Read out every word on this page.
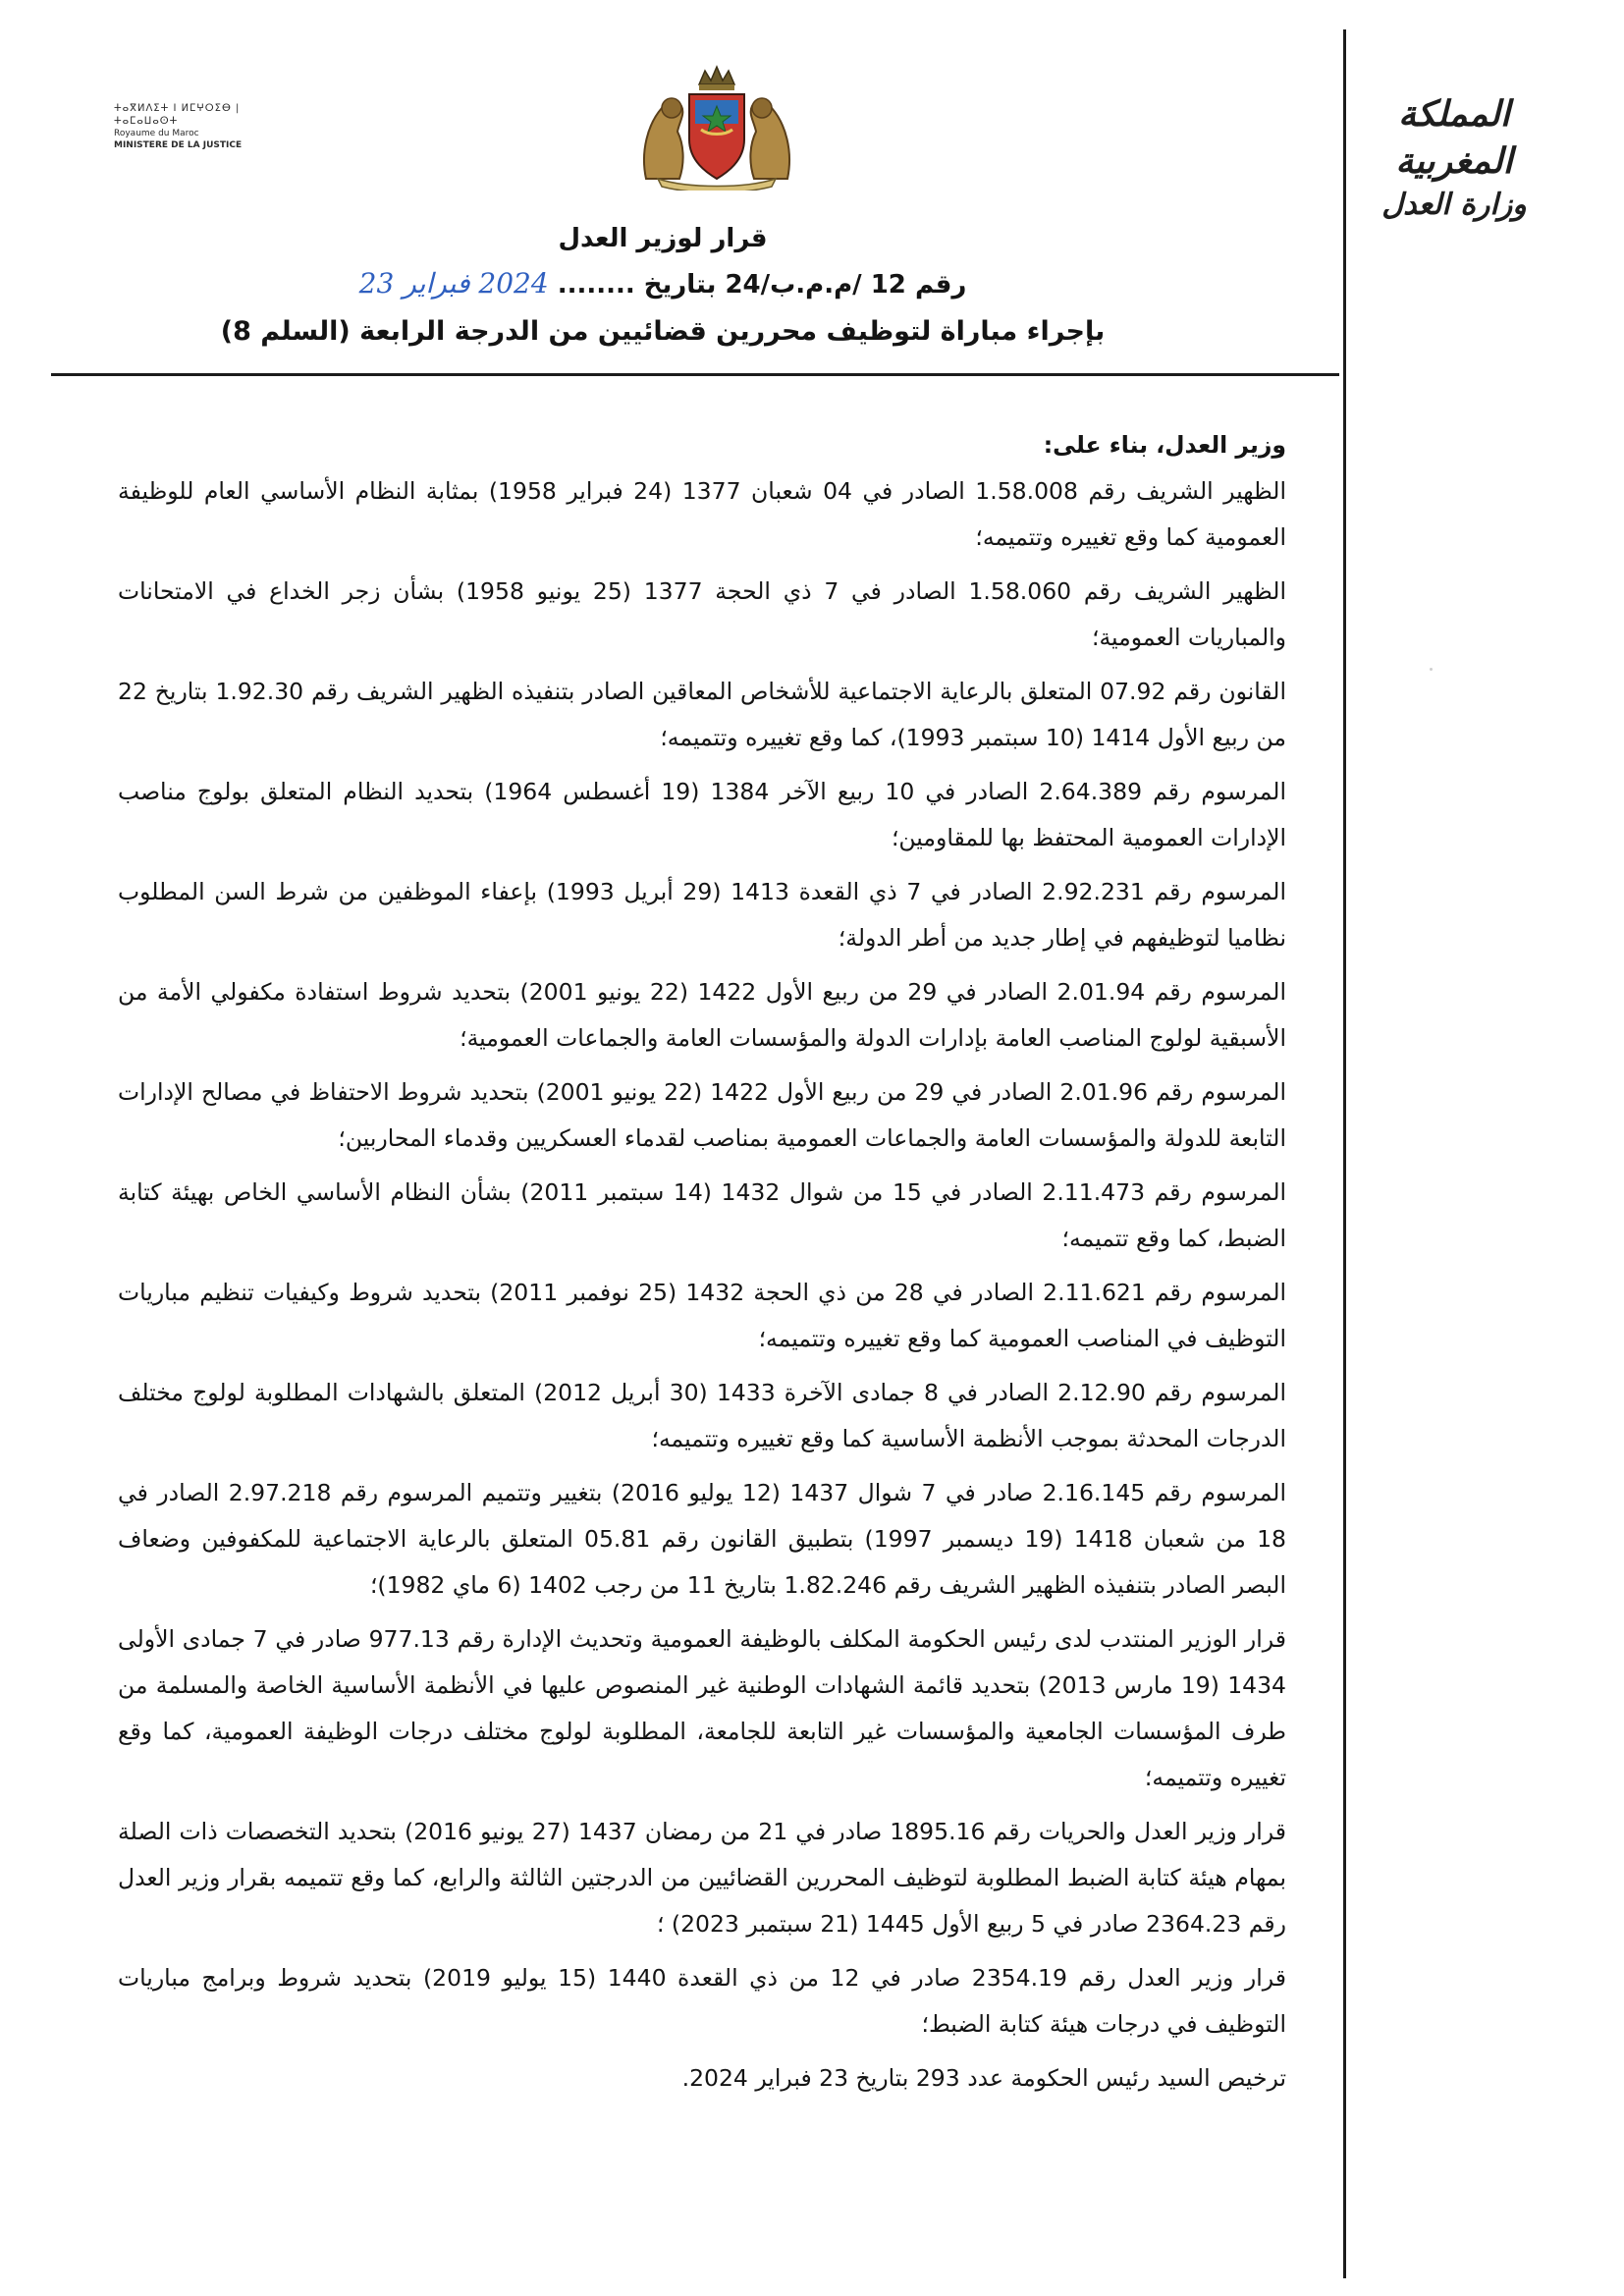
المملكة المغربية
وزارة العدل
ⵜⴰⴳⵍⴷⵉⵜ ⵏ ⵍⵎⵖⵔⵉⴱ | ⵜⴰⵎⴰⵡⴰⵙⵜ
Royaume du Maroc
MINISTERE DE LA JUSTICE
قرار لوزير العدل
رقم 12 /م.م.ب/24 بتاريخ ........ 2024 فبراير 23
بإجراء مباراة لتوظيف محررين قضائيين من الدرجة الرابعة (السلم 8)

وزير العدل، بناء على:

الظهير الشريف رقم 1.58.008 الصادر في 04 شعبان 1377 (24 فبراير 1958) بمثابة النظام الأساسي العام للوظيفة العمومية كما وقع تغييره وتتميمه؛

الظهير الشريف رقم 1.58.060 الصادر في 7 ذي الحجة 1377 (25 يونيو 1958) بشأن زجر الخداع في الامتحانات والمباريات العمومية؛

القانون رقم 07.92 المتعلق بالرعاية الاجتماعية للأشخاص المعاقين الصادر بتنفيذه الظهير الشريف رقم 1.92.30 بتاريخ 22 من ربيع الأول 1414 (10 سبتمبر 1993)، كما وقع تغييره وتتميمه؛

المرسوم رقم 2.64.389 الصادر في 10 ربيع الآخر 1384 (19 أغسطس 1964) بتحديد النظام المتعلق بولوج مناصب الإدارات العمومية المحتفظ بها للمقاومين؛

المرسوم رقم 2.92.231 الصادر في 7 ذي القعدة 1413 (29 أبريل 1993) بإعفاء الموظفين من شرط السن المطلوب نظاميا لتوظيفهم في إطار جديد من أطر الدولة؛

المرسوم رقم 2.01.94 الصادر في 29 من ربيع الأول 1422 (22 يونيو 2001) بتحديد شروط استفادة مكفولي الأمة من الأسبقية لولوج المناصب العامة بإدارات الدولة والمؤسسات العامة والجماعات العمومية؛

المرسوم رقم 2.01.96 الصادر في 29 من ربيع الأول 1422 (22 يونيو 2001) بتحديد شروط الاحتفاظ في مصالح الإدارات التابعة للدولة والمؤسسات العامة والجماعات العمومية بمناصب لقدماء العسكريين وقدماء المحاربين؛

المرسوم رقم 2.11.473 الصادر في 15 من شوال 1432 (14 سبتمبر 2011) بشأن النظام الأساسي الخاص بهيئة كتابة الضبط، كما وقع تتميمه؛

المرسوم رقم 2.11.621 الصادر في 28 من ذي الحجة 1432 (25 نوفمبر 2011) بتحديد شروط وكيفيات تنظيم مباريات التوظيف في المناصب العمومية كما وقع تغييره وتتميمه؛

المرسوم رقم 2.12.90 الصادر في 8 جمادى الآخرة 1433 (30 أبريل 2012) المتعلق بالشهادات المطلوبة لولوج مختلف الدرجات المحدثة بموجب الأنظمة الأساسية كما وقع تغييره وتتميمه؛

المرسوم رقم 2.16.145 صادر في 7 شوال 1437 (12 يوليو 2016) بتغيير وتتميم المرسوم رقم 2.97.218 الصادر في 18 من شعبان 1418 (19 ديسمبر 1997) بتطبيق القانون رقم 05.81 المتعلق بالرعاية الاجتماعية للمكفوفين وضعاف البصر الصادر بتنفيذه الظهير الشريف رقم 1.82.246 بتاريخ 11 من رجب 1402 (6 ماي 1982)؛

قرار الوزير المنتدب لدى رئيس الحكومة المكلف بالوظيفة العمومية وتحديث الإدارة رقم 977.13 صادر في 7 جمادى الأولى 1434 (19 مارس 2013) بتحديد قائمة الشهادات الوطنية غير المنصوص عليها في الأنظمة الأساسية الخاصة والمسلمة من طرف المؤسسات الجامعية والمؤسسات غير التابعة للجامعة، المطلوبة لولوج مختلف درجات الوظيفة العمومية، كما وقع تغييره وتتميمه؛

قرار وزير العدل والحريات رقم 1895.16 صادر في 21 من رمضان 1437 (27 يونيو 2016) بتحديد التخصصات ذات الصلة بمهام هيئة كتابة الضبط المطلوبة لتوظيف المحررين القضائيين من الدرجتين الثالثة والرابع، كما وقع تتميمه بقرار وزير العدل رقم 2364.23 صادر في 5 ربيع الأول 1445 (21 سبتمبر 2023) ؛

قرار وزير العدل رقم 2354.19 صادر في 12 من ذي القعدة 1440 (15 يوليو 2019) بتحديد شروط وبرامج مباريات التوظيف في درجات هيئة كتابة الضبط؛

ترخيص السيد رئيس الحكومة عدد 293 بتاريخ 23 فبراير 2024.
